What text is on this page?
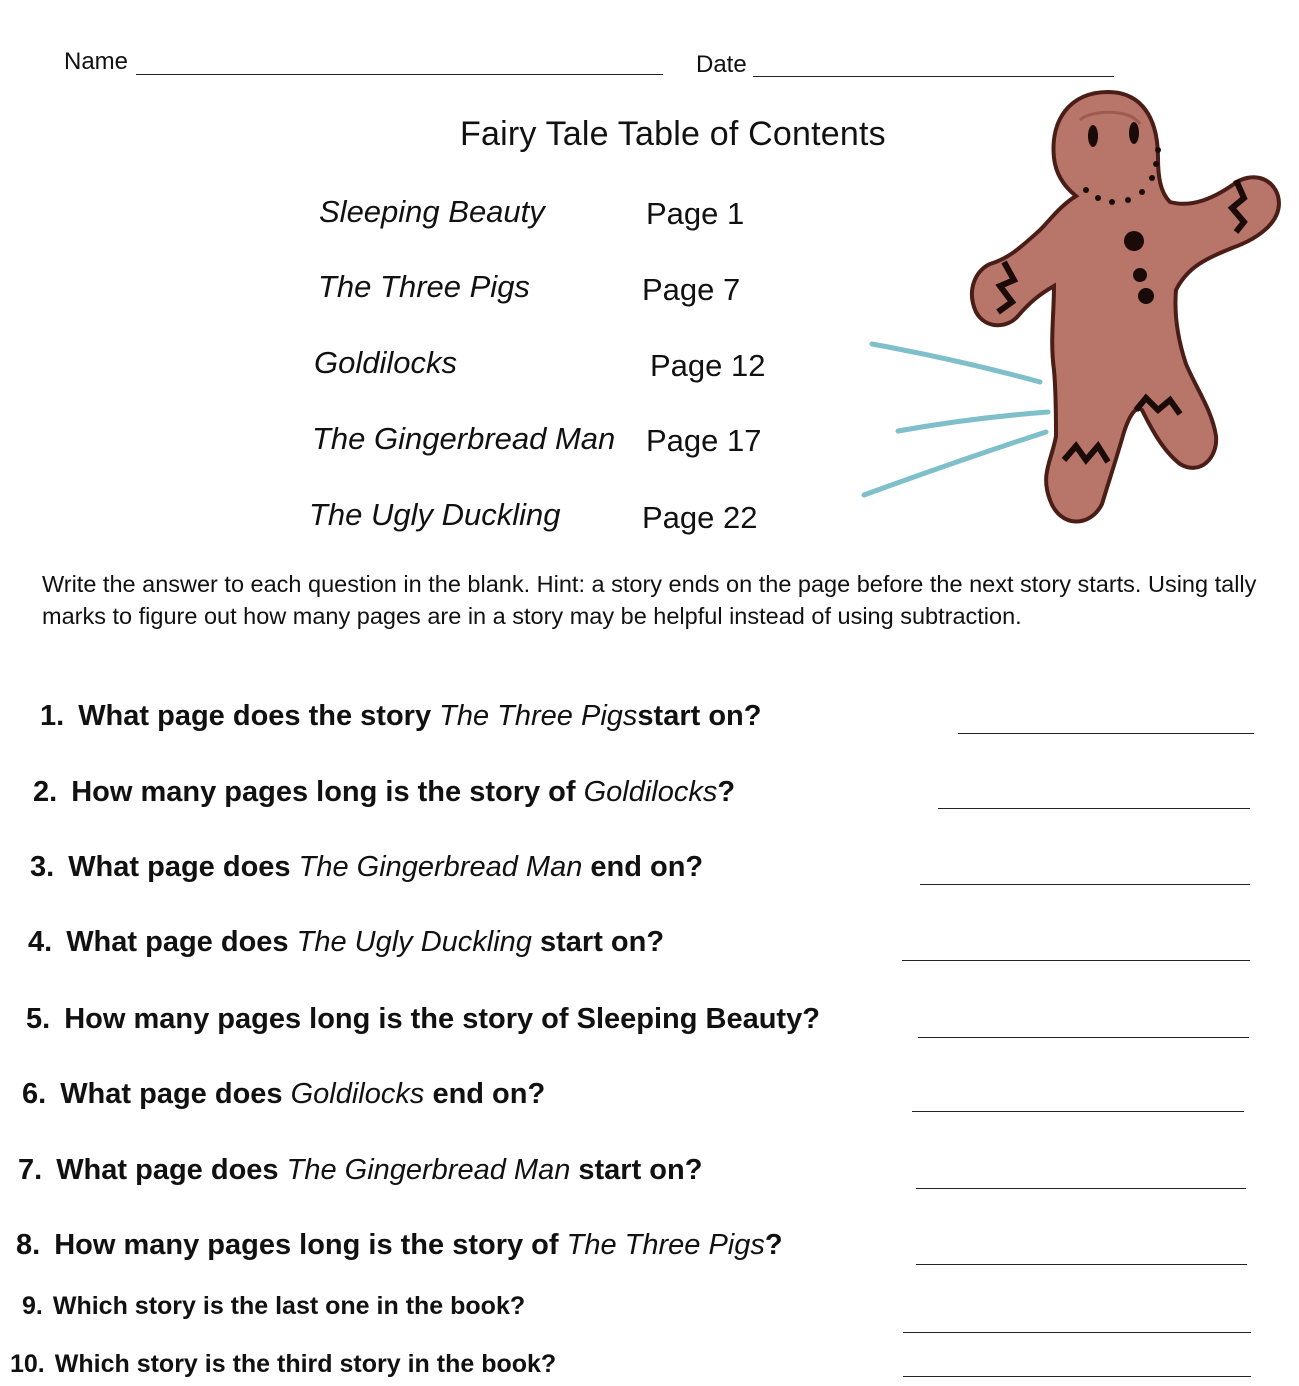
Name	Date
Fairy Tale Table of Contents
Sleeping Beauty	Page 1
The Three Pigs	Page 7
Goldilocks	Page 12
The Gingerbread Man Page 17
The Ugly Duckling	Page 22
Write the answer to each question in the blank. Hint: a story ends on the page before the next story starts. Using tally marks to figure out how many pages are in a story may be helpful instead of using subtraction.
1. What page does the story The Three Pigsstart on?
2. How many pages long is the story of Goldilocks?
3. What page does The Gingerbread Man end on?
4. What page does The Ugly Duckling start on?
5. How many pages long is the story of Sleeping Beauty?
6. What page does Goldilocks end on?
7. What page does The Gingerbread Man start on?
8. How many pages long is the story of The Three Pigs?
9. Which story is the last one in the book?
10. Which story is the third story in the book?
